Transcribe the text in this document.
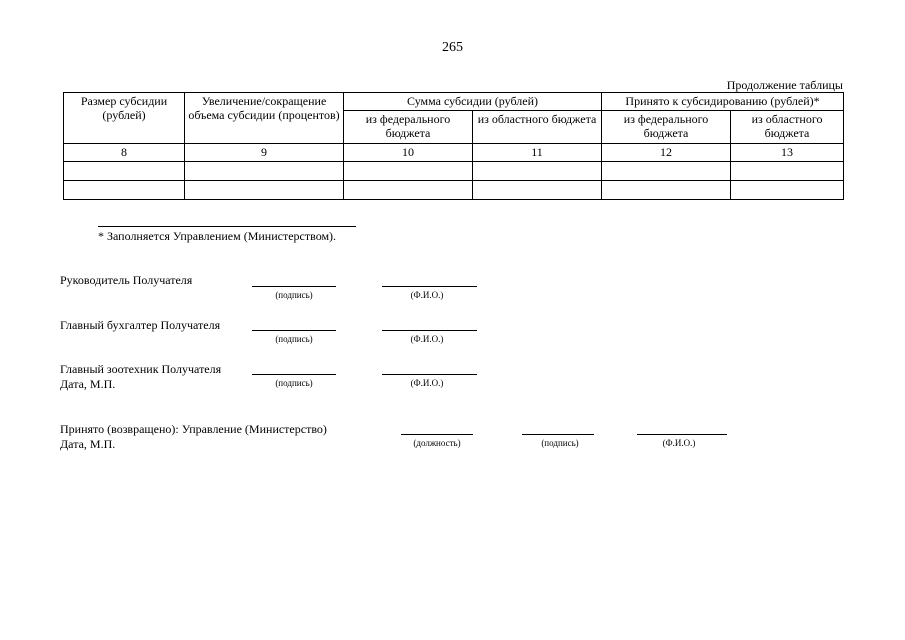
265
Продолжение таблицы
Размер субсидии (рублей)	Увеличение/сокращение объема субсидии (процентов)	Сумма субсидии (рублей)		Принято к субсидированию (рублей)*	
		из федерального бюджета	из областного бюджета	из федерального бюджета	из областного бюджета
8	9	10	11	12	13

* Заполняется Управлением (Министерством).
Руководитель Получателя
(подпись)	(Ф.И.О.)
Главный бухгалтер Получателя
(подпись)	(Ф.И.О.)
Главный зоотехник Получателя
Дата, М.П.	(подпись)	(Ф.И.О.)
Принято (возвращено): Управление (Министерство)
Дата, М.П.	(должность)	(подпись)	(Ф.И.О.)
